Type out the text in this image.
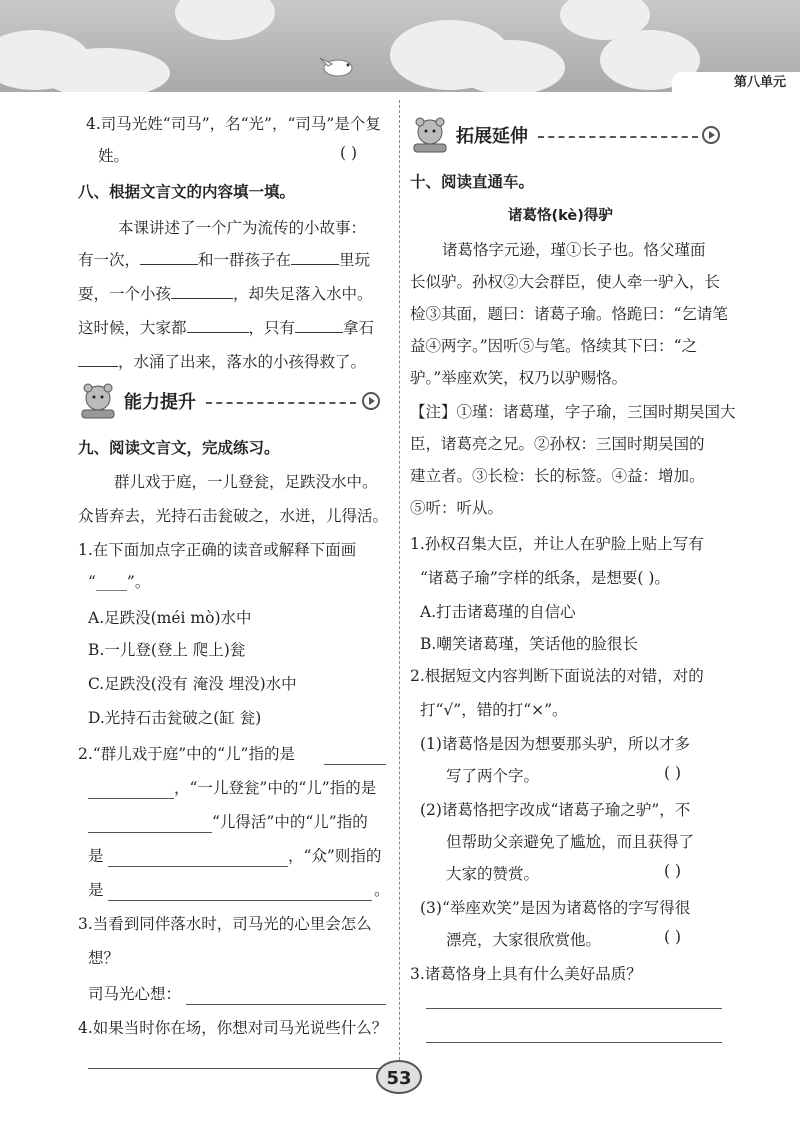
第八单元

4.司马光姓“司马”，名“光”，“司马”是个复

姓。	( )

八、根据文言文的内容填一填。

本课讲述了一个广为流传的小故事：

有一次，	和一群孩子在	里玩

耍，一个小孩	，却失足落入水中。

这时候，大家都	，只有	拿石

，水涌了出来，落水的小孩得救了。

能力提升

九、阅读文言文，完成练习。

群儿戏于庭，一儿登瓮，足跌没水中。

众皆弃去，光持石击瓮破之，水迸，儿得活。

1.在下面加点字正确的读音或解释下面画

“____”。

A.足跌没(méi mò)水中

B.一儿登(登上 爬上)瓮

C.足跌没(没有 淹没 埋没)水中

D.光持石击瓮破之(缸 瓮)

2.“群儿戏于庭”中的“儿”指的是

，“一儿登瓮”中的“儿”指的是

“儿得活”中的“儿”指的

是	，“众”则指的

是	。

3.当看到同伴落水时，司马光的心里会怎么

想？

司马光心想：

4.如果当时你在场，你想对司马光说些什么？

拓展延伸

十、阅读直通车。

诸葛恪(kè)得驴

诸葛恪字元逊，瑾①长子也。恪父瑾面

长似驴。孙权②大会群臣，使人牵一驴入，长

检③其面，题曰：诸葛子瑜。恪跪曰：“乞请笔

益④两字。”因听⑤与笔。恪续其下曰：“之

驴。”举座欢笑，权乃以驴赐恪。

【注】①瑾：诸葛瑾，字子瑜，三国时期吴国大

臣，诸葛亮之兄。②孙权：三国时期吴国的

建立者。③长检：长的标签。④益：增加。

⑤听：听从。

1.孙权召集大臣，并让人在驴脸上贴上写有

“诸葛子瑜”字样的纸条，是想要( )。

A.打击诸葛瑾的自信心

B.嘲笑诸葛瑾，笑话他的脸很长

2.根据短文内容判断下面说法的对错，对的

打“√”，错的打“×”。

(1)诸葛恪是因为想要那头驴，所以才多

写了两个字。	( )

(2)诸葛恪把字改成“诸葛子瑜之驴”，不

但帮助父亲避免了尴尬，而且获得了

大家的赞赏。	( )

(3)“举座欢笑”是因为诸葛恪的字写得很

漂亮，大家很欣赏他。	( )

3.诸葛恪身上具有什么美好品质？

53
